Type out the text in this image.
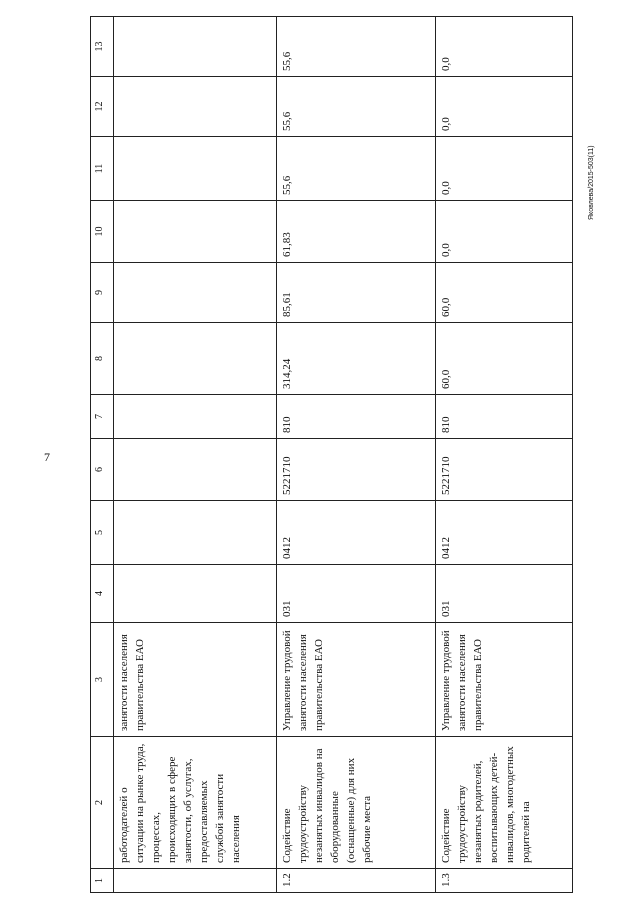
7
Яковлева/2015-503(11)
1	2	3	4	5	6	7	8	9	10	11	12	13
	работодателей о ситуации на рынке труда, процессах, происходящих в сфере занятости, об услугах, предоставляемых службой занятости населения	занятости населения правительства ЕАО										
1.2	Содействие трудоустройству незанятых инвалидов на оборудованные (оснащенные) для них рабочие места	Управление трудовой занятости населения правительства ЕАО	031	0412	5221710	810	314,24	85,61	61,83	55,6	55,6	55,6
1.3	Содействие трудоустройству незанятых родителей, воспитывающих детей-инвалидов, многодетных родителей на	Управление трудовой занятости населения правительства ЕАО	031	0412	5221710	810	60,0	60,0	0,0	0,0	0,0	0,0
